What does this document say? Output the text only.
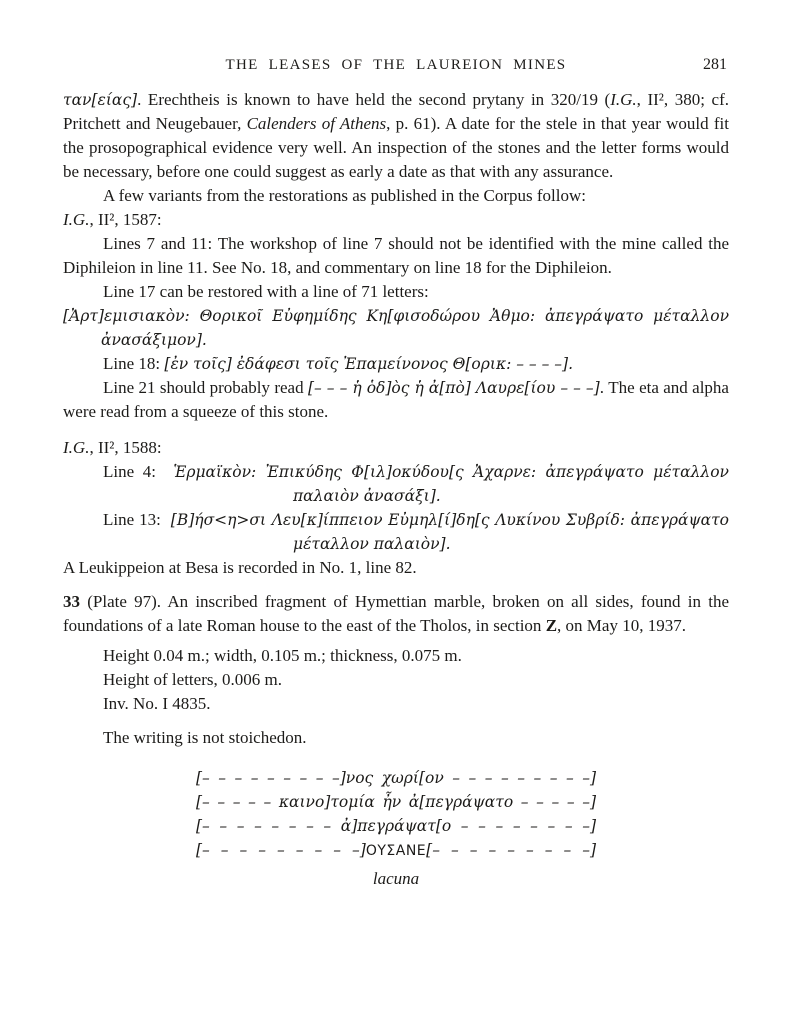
THE LEASES OF THE LAUREION MINES	281

ταν[είας]. Erechtheis is known to have held the second prytany in 320/19 (I.G., II², 380; cf. Pritchett and Neugebauer, Calenders of Athens, p. 61). A date for the stele in that year would fit the prosopographical evidence very well. An inspection of the stones and the letter forms would be necessary, before one could suggest as early a date as that with any assurance.

A few variants from the restorations as published in the Corpus follow:

I.G., II², 1587:

Lines 7 and 11: The workshop of line 7 should not be identified with the mine called the Diphileion in line 11. See No. 18, and commentary on line 18 for the Diphileion.

Line 17 can be restored with a line of 71 letters:

[Ἀρτ]εμισιακὸν: Θορικοῖ Εὐφημίδης Κη[φισοδώρου Ἀθμο: ἀπεγράψατο μέταλλον
ἀνασάξιμον].

Line 18: [ἐν τοῖς] ἐδάφεσι τοῖς Ἐπαμείνονος Θ[ορικ: – – – –].

Line 21 should probably read [– – – ἡ ὁδ]ὸς ἡ ἀ[πὸ] Λαυρε[ίου – – –]. The eta and alpha were read from a squeeze of this stone.

I.G., II², 1588:

Line 4:  Ἑρμαϊκὸν: Ἐπικύδης Φ[ιλ]οκύδου[ς Ἀχαρνε: ἀπεγράψατο μέταλλον
παλαιὸν ἀνασάξι].
Line 13:  [Β]ήσ<η>σι Λευ[κ]ίππειον Εὐμηλ[ί]δη[ς Λυκίνου Συβρίδ: ἀπεγράψατο
μέταλλον παλαιὸν].

A Leukippeion at Besa is recorded in No. 1, line 82.

33 (Plate 97). An inscribed fragment of Hymettian marble, broken on all sides, found in the foundations of a late Roman house to the east of the Tholos, in section Z, on May 10, 1937.

Height 0.04 m.; width, 0.105 m.; thickness, 0.075 m.

Height of letters, 0.006 m.

Inv. No. I 4835.

The writing is not stoichedon.

[– – – – – – – – –]νος χωρί[ον – – – – – – – – –]
[– – – – – καινο]τομία ἦν ἀ[πεγράψατο – – – – –]
[– – – – – – – – ἀ]πεγράψατ[ο – – – – – – – –]
[– – – – – – – – –]ΟΥΣΑΝΕ[– – – – – – – – –]
lacuna
